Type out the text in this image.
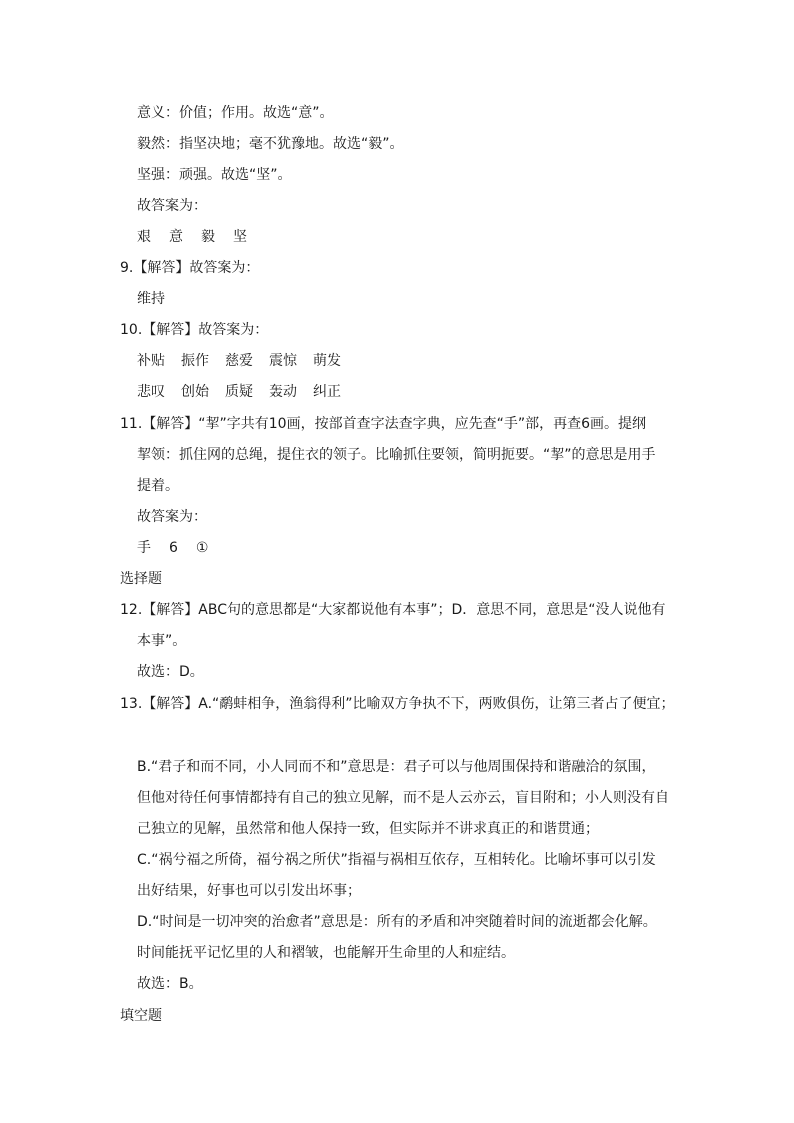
意义：价值；作用。故选“意”。
毅然：指坚决地；毫不犹豫地。故选“毅”。
坚强：顽强。故选“坚”。
故答案为：
艰 意 毅 坚
9.【解答】故答案为：
维持
10.【解答】故答案为：
补贴 振作 慈爱 震惊 萌发
悲叹 创始 质疑 轰动 纠正
11.【解答】“挈”字共有10画，按部首查字法查字典，应先查“手”部，再查6画。提纲
挈领：抓住网的总绳，提住衣的领子。比喻抓住要领，简明扼要。“挈”的意思是用手
提着。
故答案为：
手 6 ①
选择题
12.【解答】ABC句的意思都是“大家都说他有本事”；D．意思不同，意思是“没人说他有
本事”。
故选：D。
13.【解答】A.“鹬蚌相争，渔翁得利”比喻双方争执不下，两败俱伤，让第三者占了便宜；
B.“君子和而不同，小人同而不和”意思是：君子可以与他周围保持和谐融洽的氛围，
但他对待任何事情都持有自己的独立见解，而不是人云亦云，盲目附和；小人则没有自
己独立的见解，虽然常和他人保持一致，但实际并不讲求真正的和谐贯通；
C.“祸兮福之所倚，福兮祸之所伏”指福与祸相互依存，互相转化。比喻坏事可以引发
出好结果，好事也可以引发出坏事；
D.“时间是一切冲突的治愈者”意思是：所有的矛盾和冲突随着时间的流逝都会化解。
时间能抚平记忆里的人和褶皱，也能解开生命里的人和症结。
故选：B。
填空题
